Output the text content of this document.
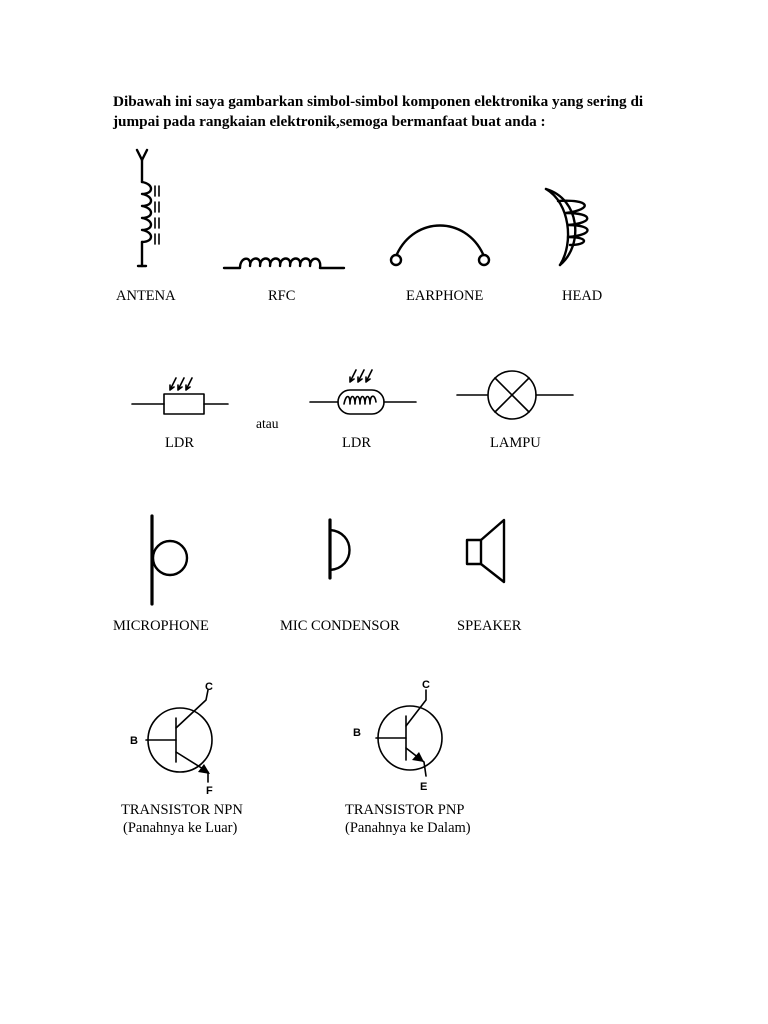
Dibawah ini saya gambarkan simbol-simbol komponen elektronika yang sering di
jumpai pada rangkaian elektronik,semoga bermanfaat buat anda :
ANTENA	RFC	EARPHONE	HEAD
atau
LDR	LDR	LAMPU
MICROPHONE	MIC CONDENSOR	SPEAKER
C
B
F
C
B
E
TRANSISTOR NPN
(Panahnya ke Luar)
TRANSISTOR PNP
(Panahnya ke Dalam)
